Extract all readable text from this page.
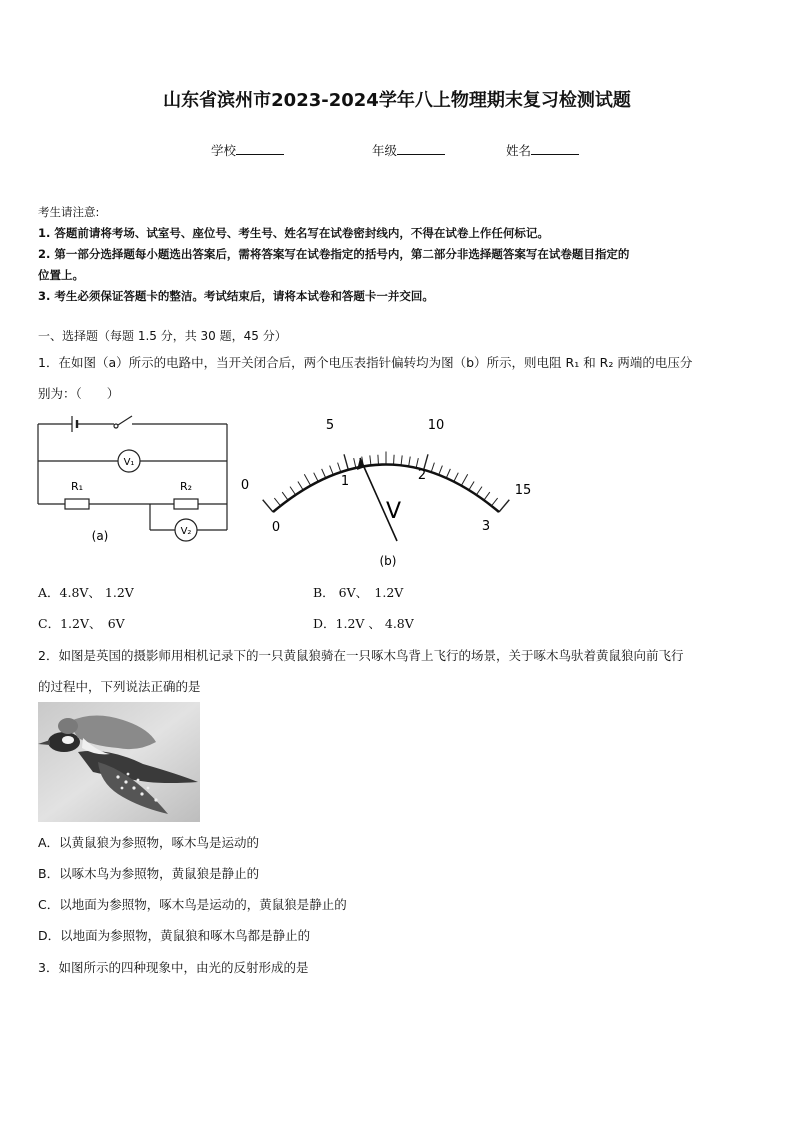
山东省滨州市2023-2024学年八上物理期末复习检测试题
学校	年级	姓名
考生请注意:
1. 答题前请将考场、试室号、座位号、考生号、姓名写在试卷密封线内，不得在试卷上作任何标记。
2. 第一部分选择题每小题选出答案后，需将答案写在试卷指定的括号内，第二部分非选择题答案写在试卷题目指定的
位置上。
3. 考生必须保证答题卡的整洁。考试结束后，请将本试卷和答题卡一并交回。
一、选择题（每题 1.5 分，共 30 题，45 分）
1．在如图（a）所示的电路中，当开关闭合后，两个电压表指针偏转均为图（b）所示，则电阻 R₁ 和 R₂ 两端的电压分
别为：（　　）
V₁
V₂
R₁	R₂
(a)
0
5	10
15
0
1	2
3
V
(b)
A．4.8V、 1.2V	B． 6V、　1.2V
C．1.2V、　6V	D．1.2V 、 4.8V
2．如图是英国的摄影师用相机记录下的一只黄鼠狼骑在一只啄木鸟背上飞行的场景，关于啄木鸟驮着黄鼠狼向前飞行
的过程中，下列说法正确的是
A．以黄鼠狼为参照物，啄木鸟是运动的
B．以啄木鸟为参照物，黄鼠狼是静止的
C．以地面为参照物，啄木鸟是运动的，黄鼠狼是静止的
D．以地面为参照物，黄鼠狼和啄木鸟都是静止的
3．如图所示的四种现象中，由光的反射形成的是
